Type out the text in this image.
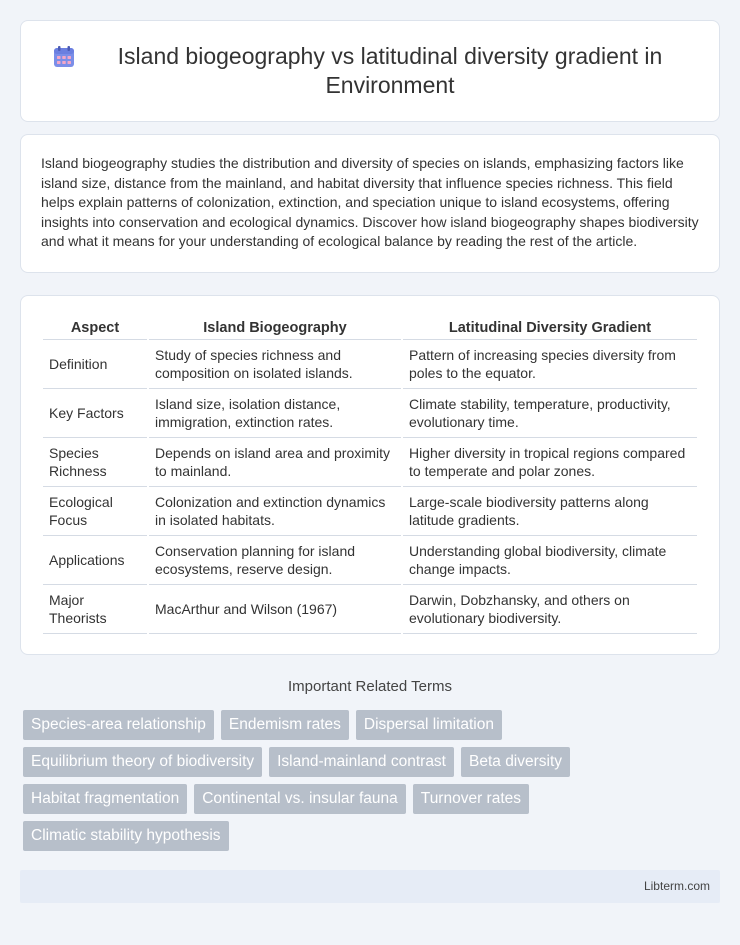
Island biogeography vs latitudinal diversity gradient in Environment

Island biogeography studies the distribution and diversity of species on islands, emphasizing factors like island size, distance from the mainland, and habitat diversity that influence species richness. This field helps explain patterns of colonization, extinction, and speciation unique to island ecosystems, offering insights into conservation and ecological dynamics. Discover how island biogeography shapes biodiversity and what it means for your understanding of ecological balance by reading the rest of the article.

Aspect	Island Biogeography	Latitudinal Diversity Gradient
Definition	Study of species richness and composition on isolated islands.	Pattern of increasing species diversity from poles to the equator.
Key Factors	Island size, isolation distance, immigration, extinction rates.	Climate stability, temperature, productivity, evolutionary time.
Species Richness	Depends on island area and proximity to mainland.	Higher diversity in tropical regions compared to temperate and polar zones.
Ecological Focus	Colonization and extinction dynamics in isolated habitats.	Large-scale biodiversity patterns along latitude gradients.
Applications	Conservation planning for island ecosystems, reserve design.	Understanding global biodiversity, climate change impacts.
Major Theorists	MacArthur and Wilson (1967)	Darwin, Dobzhansky, and others on evolutionary biodiversity.
Important Related Terms
Species-area relationship	Endemism rates	Dispersal limitation
Equilibrium theory of biodiversity	Island-mainland contrast	Beta diversity
Habitat fragmentation	Continental vs. insular fauna	Turnover rates
Climatic stability hypothesis
Libterm.com
